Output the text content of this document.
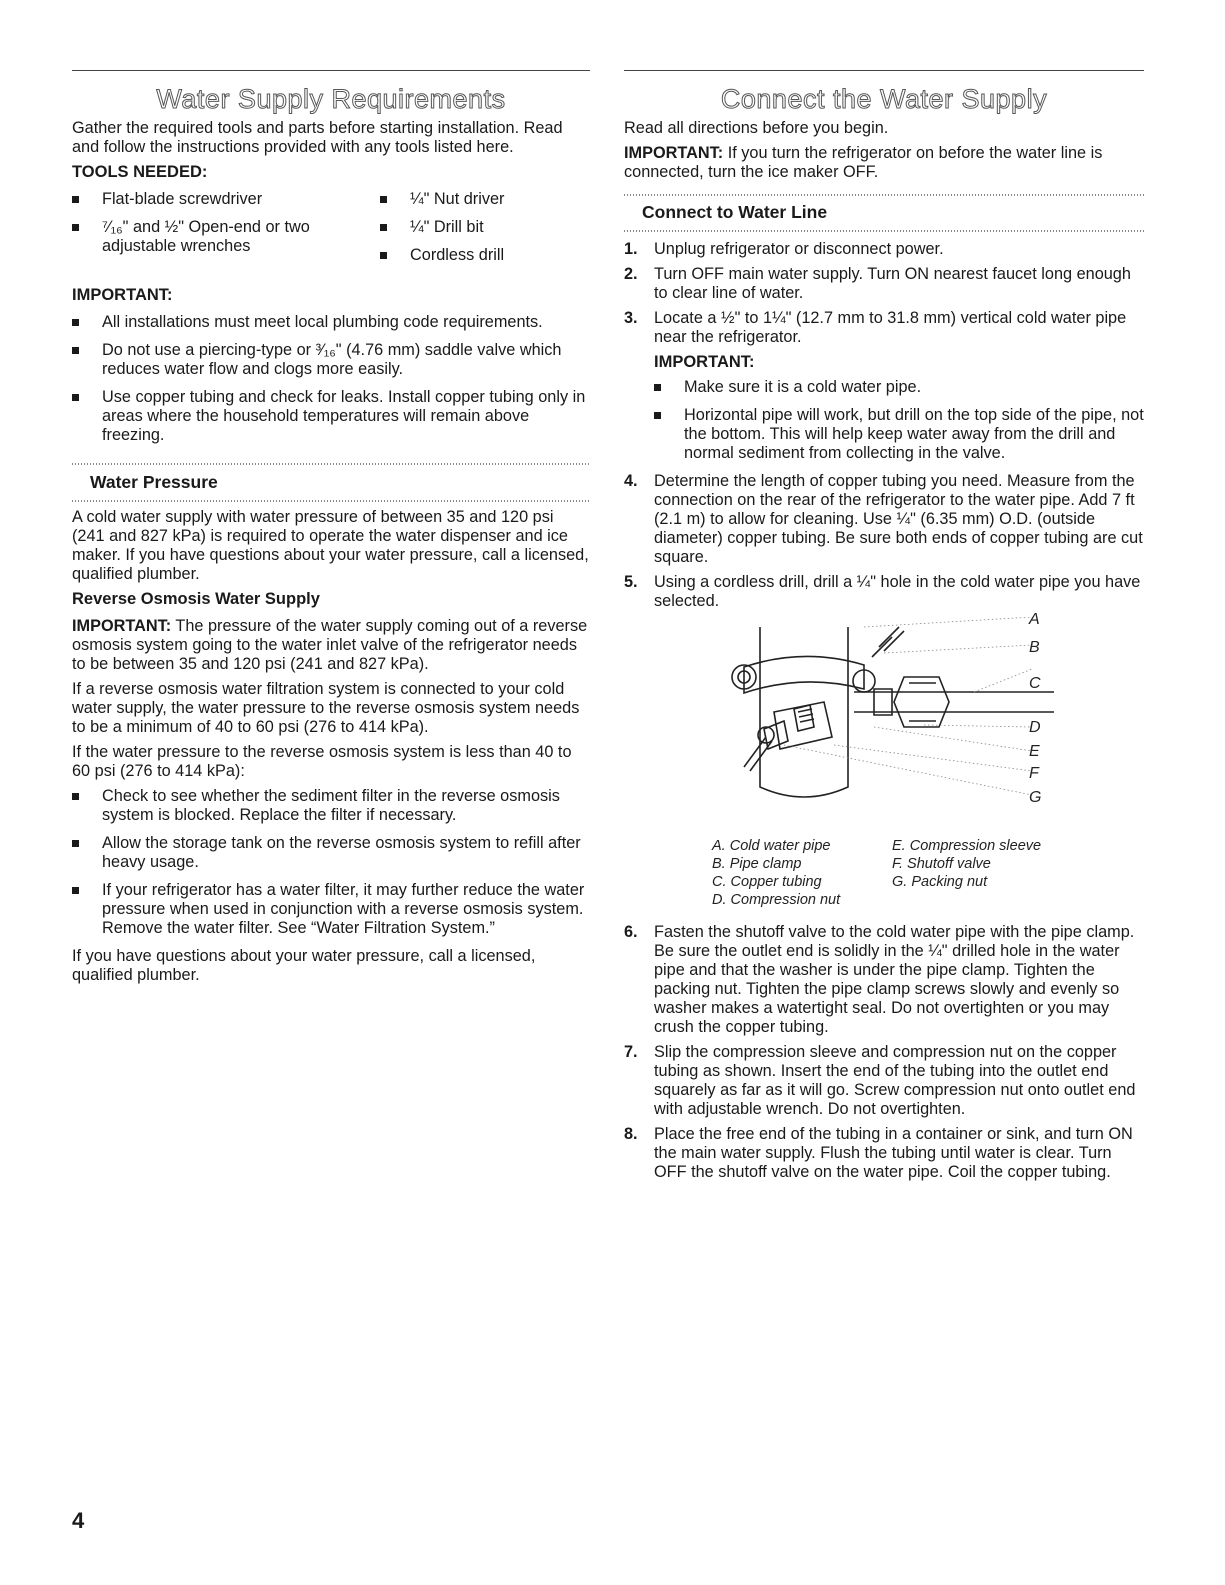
Water Supply Requirements

Gather the required tools and parts before starting installation. Read and follow the instructions provided with any tools listed here.

TOOLS NEEDED:
Flat-blade screwdriver
⁷⁄₁₆" and ½" Open-end or two adjustable wrenches
¼" Nut driver
¼" Drill bit
Cordless drill
IMPORTANT:
All installations must meet local plumbing code requirements.
Do not use a piercing-type or ³⁄₁₆" (4.76 mm) saddle valve which reduces water flow and clogs more easily.
Use copper tubing and check for leaks. Install copper tubing only in areas where the household temperatures will remain above freezing.
Water Pressure

A cold water supply with water pressure of between 35 and 120 psi (241 and 827 kPa) is required to operate the water dispenser and ice maker. If you have questions about your water pressure, call a licensed, qualified plumber.

Reverse Osmosis Water Supply

IMPORTANT: The pressure of the water supply coming out of a reverse osmosis system going to the water inlet valve of the refrigerator needs to be between 35 and 120 psi (241 and 827 kPa).

If a reverse osmosis water filtration system is connected to your cold water supply, the water pressure to the reverse osmosis system needs to be a minimum of 40 to 60 psi (276 to 414 kPa).

If the water pressure to the reverse osmosis system is less than 40 to 60 psi (276 to 414 kPa):

Check to see whether the sediment filter in the reverse osmosis system is blocked. Replace the filter if necessary.
Allow the storage tank on the reverse osmosis system to refill after heavy usage.
If your refrigerator has a water filter, it may further reduce the water pressure when used in conjunction with a reverse osmosis system. Remove the water filter. See “Water Filtration System.”

If you have questions about your water pressure, call a licensed, qualified plumber.

Connect the Water Supply

Read all directions before you begin.

IMPORTANT: If you turn the refrigerator on before the water line is connected, turn the ice maker OFF.

Connect to Water Line
1. Unplug refrigerator or disconnect power.
2. Turn OFF main water supply. Turn ON nearest faucet long enough to clear line of water.
3. Locate a ½" to 1¼" (12.7 mm to 31.8 mm) vertical cold water pipe near the refrigerator.
IMPORTANT:
Make sure it is a cold water pipe.
Horizontal pipe will work, but drill on the top side of the pipe, not the bottom. This will help keep water away from the drill and normal sediment from collecting in the valve.
4. Determine the length of copper tubing you need. Measure from the connection on the rear of the refrigerator to the water pipe. Add 7 ft (2.1 m) to allow for cleaning. Use ¼" (6.35 mm) O.D. (outside diameter) copper tubing. Be sure both ends of copper tubing are cut square.
5. Using a cordless drill, drill a ¼" hole in the cold water pipe you have selected.
A
B
C
D
E
F
G
A. Cold water pipe
B. Pipe clamp
C. Copper tubing
D. Compression nut
E. Compression sleeve
F. Shutoff valve
G. Packing nut
6. Fasten the shutoff valve to the cold water pipe with the pipe clamp. Be sure the outlet end is solidly in the ¼" drilled hole in the water pipe and that the washer is under the pipe clamp. Tighten the packing nut. Tighten the pipe clamp screws slowly and evenly so washer makes a watertight seal. Do not overtighten or you may crush the copper tubing.
7. Slip the compression sleeve and compression nut on the copper tubing as shown. Insert the end of the tubing into the outlet end squarely as far as it will go. Screw compression nut onto outlet end with adjustable wrench. Do not overtighten.
8. Place the free end of the tubing in a container or sink, and turn ON the main water supply. Flush the tubing until water is clear. Turn OFF the shutoff valve on the water pipe. Coil the copper tubing.
4
